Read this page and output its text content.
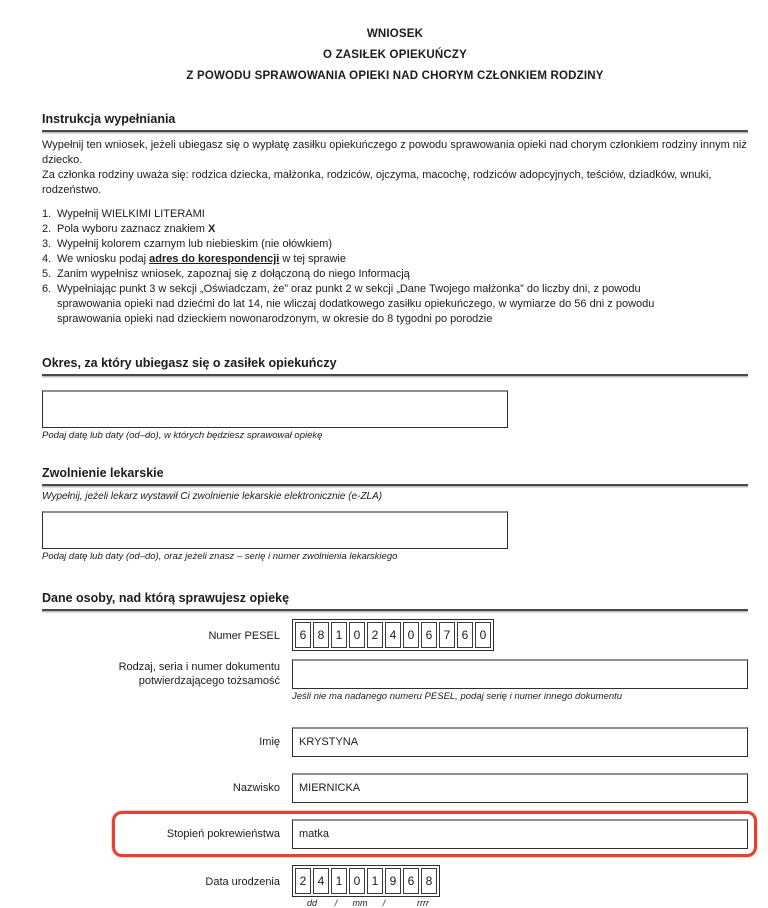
WNIOSEK
O ZASIŁEK OPIEKUŃCZY
Z POWODU SPRAWOWANIA OPIEKI NAD CHORYM CZŁONKIEM RODZINY
Instrukcja wypełniania
Wypełnij ten wniosek, jeżeli ubiegasz się o wypłatę zasiłku opiekuńczego z powodu sprawowania opieki nad chorym członkiem rodziny innym niż dziecko.
Za członka rodziny uważa się: rodzica dziecka, małżonka, rodziców, ojczyma, macochę, rodziców adopcyjnych, teściów, dziadków, wnuki, rodzeństwo.
1. Wypełnij WIELKIMI LITERAMI
2. Pola wyboru zaznacz znakiem X
3. Wypełnij kolorem czarnym lub niebieskim (nie ołówkiem)
4. We wniosku podaj adres do korespondencji w tej sprawie
5. Zanim wypełnisz wniosek, zapoznaj się z dołączoną do niego Informacją
6. Wypełniając punkt 3 w sekcji „Oświadczam, że” oraz punkt 2 w sekcji „Dane Twojego małżonka” do liczby dni, z powodu sprawowania opieki nad dziećmi do lat 14, nie wliczaj dodatkowego zasiłku opiekuńczego, w wymiarze do 56 dni z powodu sprawowania opieki nad dzieckiem nowonarodzonym, w okresie do 8 tygodni po porodzie
Okres, za który ubiegasz się o zasiłek opiekuńczy
Podaj datę lub daty (od–do), w których będziesz sprawował opiekę
Zwolnienie lekarskie
Wypełnij, jeżeli lekarz wystawił Ci zwolnienie lekarskie elektronicznie (e-ZLA)
Podaj datę lub daty (od–do), oraz jeżeli znasz – serię i numer zwolnienia lekarskiego
Dane osoby, nad którą sprawujesz opiekę
Numer PESEL	6 8 1 0 2 4 0 6 7 6 0
Rodzaj, seria i numer dokumentu
potwierdzającego tożsamość
Jeśli nie ma nadanego numeru PESEL, podaj serię i numer innego dokumentu
Imię	KRYSTYNA
Nazwisko	MIERNICKA
Stopień pokrewieństwa	matka
Data urodzenia	2 4 1 0 1 9 6 8
dd	/	mm	/	rrrr
